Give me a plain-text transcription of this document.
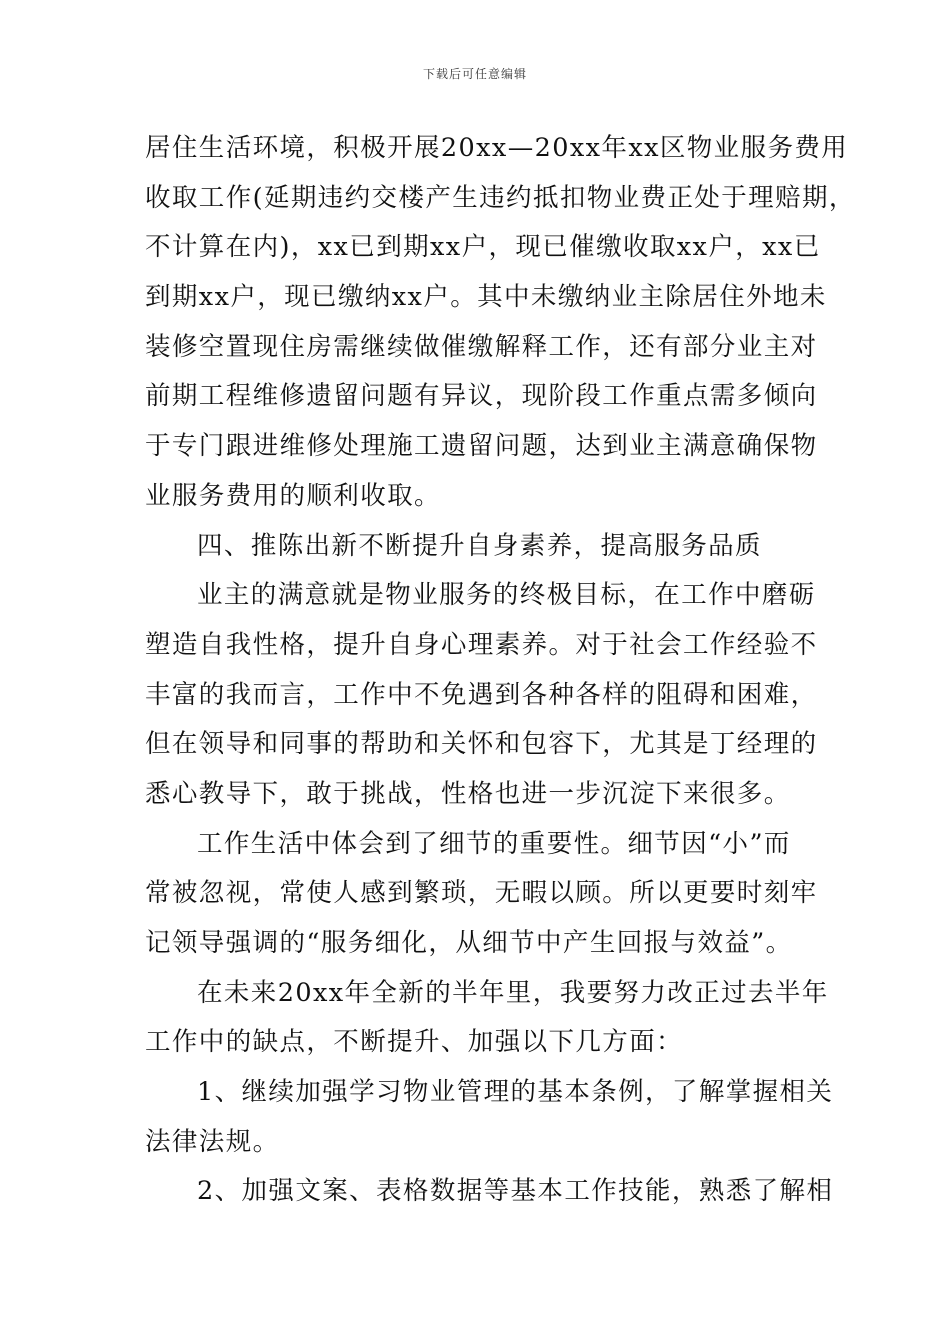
下载后可任意编辑
居住生活环境，积极开展20xx—20xx年xx区物业服务费用
收取工作(延期违约交楼产生违约抵扣物业费正处于理赔期，
不计算在内)，xx已到期xx户，现已催缴收取xx户，xx已
到期xx户，现已缴纳xx户。其中未缴纳业主除居住外地未
装修空置现住房需继续做催缴解释工作，还有部分业主对
前期工程维修遗留问题有异议，现阶段工作重点需多倾向
于专门跟进维修处理施工遗留问题，达到业主满意确保物
业服务费用的顺利收取。
四、推陈出新不断提升自身素养，提高服务品质
业主的满意就是物业服务的终极目标，在工作中磨砺
塑造自我性格，提升自身心理素养。对于社会工作经验不
丰富的我而言，工作中不免遇到各种各样的阻碍和困难，
但在领导和同事的帮助和关怀和包容下，尤其是丁经理的
悉心教导下，敢于挑战，性格也进一步沉淀下来很多。
工作生活中体会到了细节的重要性。细节因“小”而
常被忽视，常使人感到繁琐，无暇以顾。所以更要时刻牢
记领导强调的“服务细化，从细节中产生回报与效益”。
在未来20xx年全新的半年里，我要努力改正过去半年
工作中的缺点，不断提升、加强以下几方面：
1、继续加强学习物业管理的基本条例，了解掌握相关
法律法规。
2、加强文案、表格数据等基本工作技能，熟悉了解相
